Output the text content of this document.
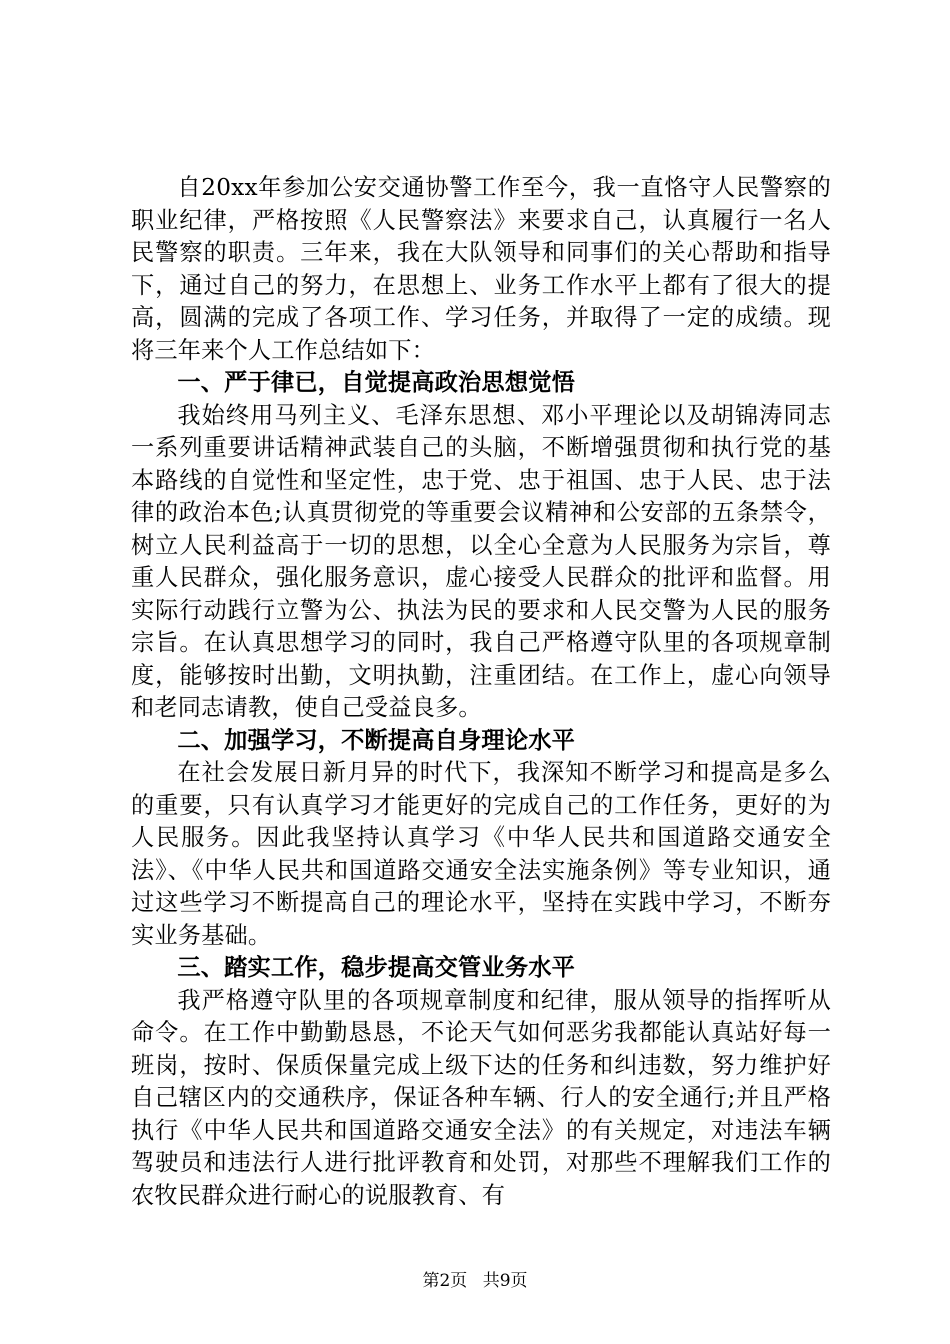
自20xx年参加公安交通协警工作至今，我一直恪守人民警察的职业纪律，严格按照《人民警察法》来要求自己，认真履行一名人民警察的职责。三年来，我在大队领导和同事们的关心帮助和指导下，通过自己的努力，在思想上、业务工作水平上都有了很大的提高，圆满的完成了各项工作、学习任务，并取得了一定的成绩。现将三年来个人工作总结如下：

一、严于律已，自觉提高政治思想觉悟

我始终用马列主义、毛泽东思想、邓小平理论以及胡锦涛同志一系列重要讲话精神武装自己的头脑，不断增强贯彻和执行党的基本路线的自觉性和坚定性，忠于党、忠于祖国、忠于人民、忠于法律的政治本色;认真贯彻党的等重要会议精神和公安部的五条禁令，树立人民利益高于一切的思想，以全心全意为人民服务为宗旨，尊重人民群众，强化服务意识，虚心接受人民群众的批评和监督。用实际行动践行立警为公、执法为民的要求和人民交警为人民的服务宗旨。在认真思想学习的同时，我自己严格遵守队里的各项规章制度，能够按时出勤，文明执勤，注重团结。在工作上，虚心向领导和老同志请教，使自己受益良多。

二、加强学习，不断提高自身理论水平

在社会发展日新月异的时代下，我深知不断学习和提高是多么的重要，只有认真学习才能更好的完成自己的工作任务，更好的为人民服务。因此我坚持认真学习《中华人民共和国道路交通安全法》、《中华人民共和国道路交通安全法实施条例》等专业知识，通过这些学习不断提高自己的理论水平，坚持在实践中学习，不断夯实业务基础。

三、踏实工作，稳步提高交管业务水平

我严格遵守队里的各项规章制度和纪律，服从领导的指挥听从命令。在工作中勤勤恳恳，不论天气如何恶劣我都能认真站好每一班岗，按时、保质保量完成上级下达的任务和纠违数，努力维护好自己辖区内的交通秩序，保证各种车辆、行人的安全通行;并且严格执行《中华人民共和国道路交通安全法》的有关规定，对违法车辆驾驶员和违法行人进行批评教育和处罚，对那些不理解我们工作的农牧民群众进行耐心的说服教育、有

第2页 共9页
